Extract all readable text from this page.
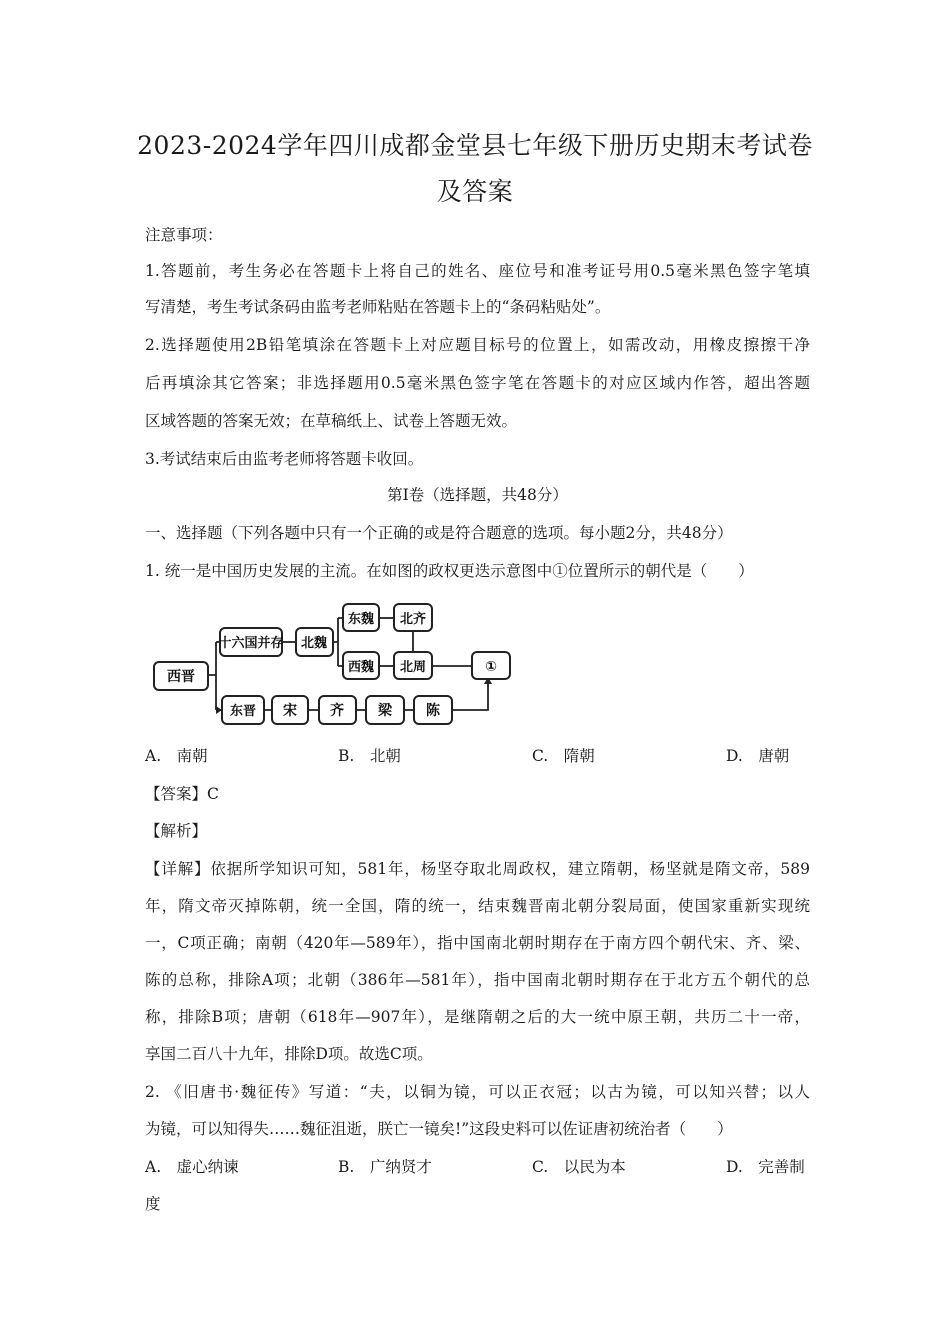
2023-2024学年四川成都金堂县七年级下册历史期末考试卷
及答案
注意事项：
1.答题前，考生务必在答题卡上将自己的姓名、座位号和准考证号用0.5毫米黑色签字笔填
写清楚，考生考试条码由监考老师粘贴在答题卡上的“条码粘贴处”。
2.选择题使用2B铅笔填涂在答题卡上对应题目标号的位置上，如需改动，用橡皮擦擦干净
后再填涂其它答案；非选择题用0.5毫米黑色签字笔在答题卡的对应区域内作答，超出答题
区域答题的答案无效；在草稿纸上、试卷上答题无效。
3.考试结束后由监考老师将答题卡收回。
第Ⅰ卷（选择题，共48分）
一、选择题（下列各题中只有一个正确的或是符合题意的选项。每小题2分，共48分）
1. 统一是中国历史发展的主流。在如图的政权更迭示意图中①位置所示的朝代是（　　）
西晋
十六国并存 北魏
东魏 北齐
西魏 北周	①
东晋 宋 齐 梁 陈
A.　南朝	B.　北朝	C.　隋朝	D.　唐朝
【答案】C
【解析】
【详解】依据所学知识可知，581年，杨坚夺取北周政权，建立隋朝，杨坚就是隋文帝，589
年，隋文帝灭掉陈朝，统一全国，隋的统一，结束魏晋南北朝分裂局面，使国家重新实现统
一，C项正确；南朝（420年—589年），指中国南北朝时期存在于南方四个朝代宋、齐、梁、
陈的总称，排除A项；北朝（386年—581年），指中国南北朝时期存在于北方五个朝代的总
称，排除B项；唐朝（618年—907年），是继隋朝之后的大一统中原王朝，共历二十一帝，
享国二百八十九年，排除D项。故选C项。
2. 《旧唐书·魏征传》写道：“夫，以铜为镜，可以正衣冠；以古为镜，可以知兴替；以人
为镜，可以知得失……魏征沮逝，朕亡一镜矣!”这段史料可以佐证唐初统治者（　　）
A.　虚心纳谏	B.　广纳贤才	C.　以民为本	D.　完善制
度
